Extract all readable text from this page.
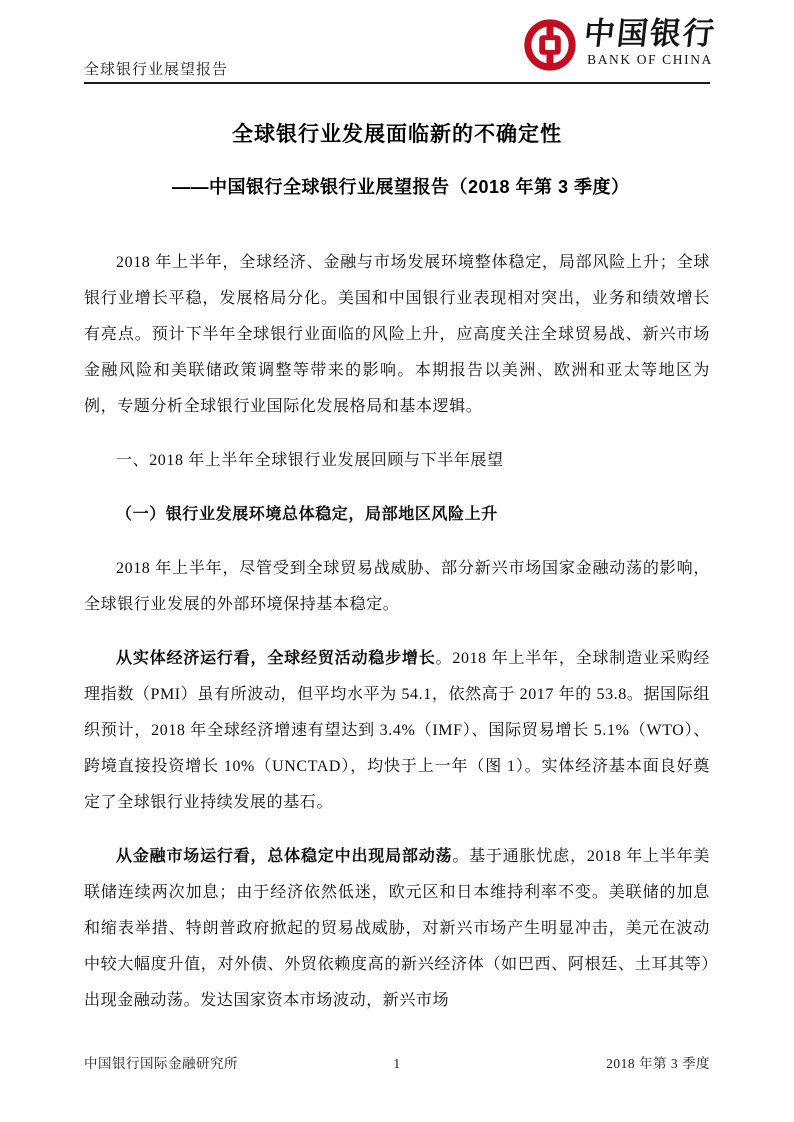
全球银行业展望报告
中国银行
BANK OF CHINA
全球银行业发展面临新的不确定性
——中国银行全球银行业展望报告（2018 年第 3 季度）

2018 年上半年，全球经济、金融与市场发展环境整体稳定，局部风险上升；全球银行业增长平稳，发展格局分化。美国和中国银行业表现相对突出，业务和绩效增长有亮点。预计下半年全球银行业面临的风险上升，应高度关注全球贸易战、新兴市场金融风险和美联储政策调整等带来的影响。本期报告以美洲、欧洲和亚太等地区为例，专题分析全球银行业国际化发展格局和基本逻辑。

一、2018 年上半年全球银行业发展回顾与下半年展望

（一）银行业发展环境总体稳定，局部地区风险上升

2018 年上半年，尽管受到全球贸易战威胁、部分新兴市场国家金融动荡的影响，全球银行业发展的外部环境保持基本稳定。

从实体经济运行看，全球经贸活动稳步增长。2018 年上半年，全球制造业采购经理指数（PMI）虽有所波动，但平均水平为 54.1，依然高于 2017 年的 53.8。据国际组织预计，2018 年全球经济增速有望达到 3.4%（IMF）、国际贸易增长 5.1%（WTO）、跨境直接投资增长 10%（UNCTAD），均快于上一年（图 1）。实体经济基本面良好奠定了全球银行业持续发展的基石。

从金融市场运行看，总体稳定中出现局部动荡。基于通胀忧虑，2018 年上半年美联储连续两次加息；由于经济依然低迷，欧元区和日本维持利率不变。美联储的加息和缩表举措、特朗普政府掀起的贸易战威胁，对新兴市场产生明显冲击，美元在波动中较大幅度升值，对外债、外贸依赖度高的新兴经济体（如巴西、阿根廷、土耳其等）出现金融动荡。发达国家资本市场波动，新兴市场

中国银行国际金融研究所	1	2018 年第 3 季度
